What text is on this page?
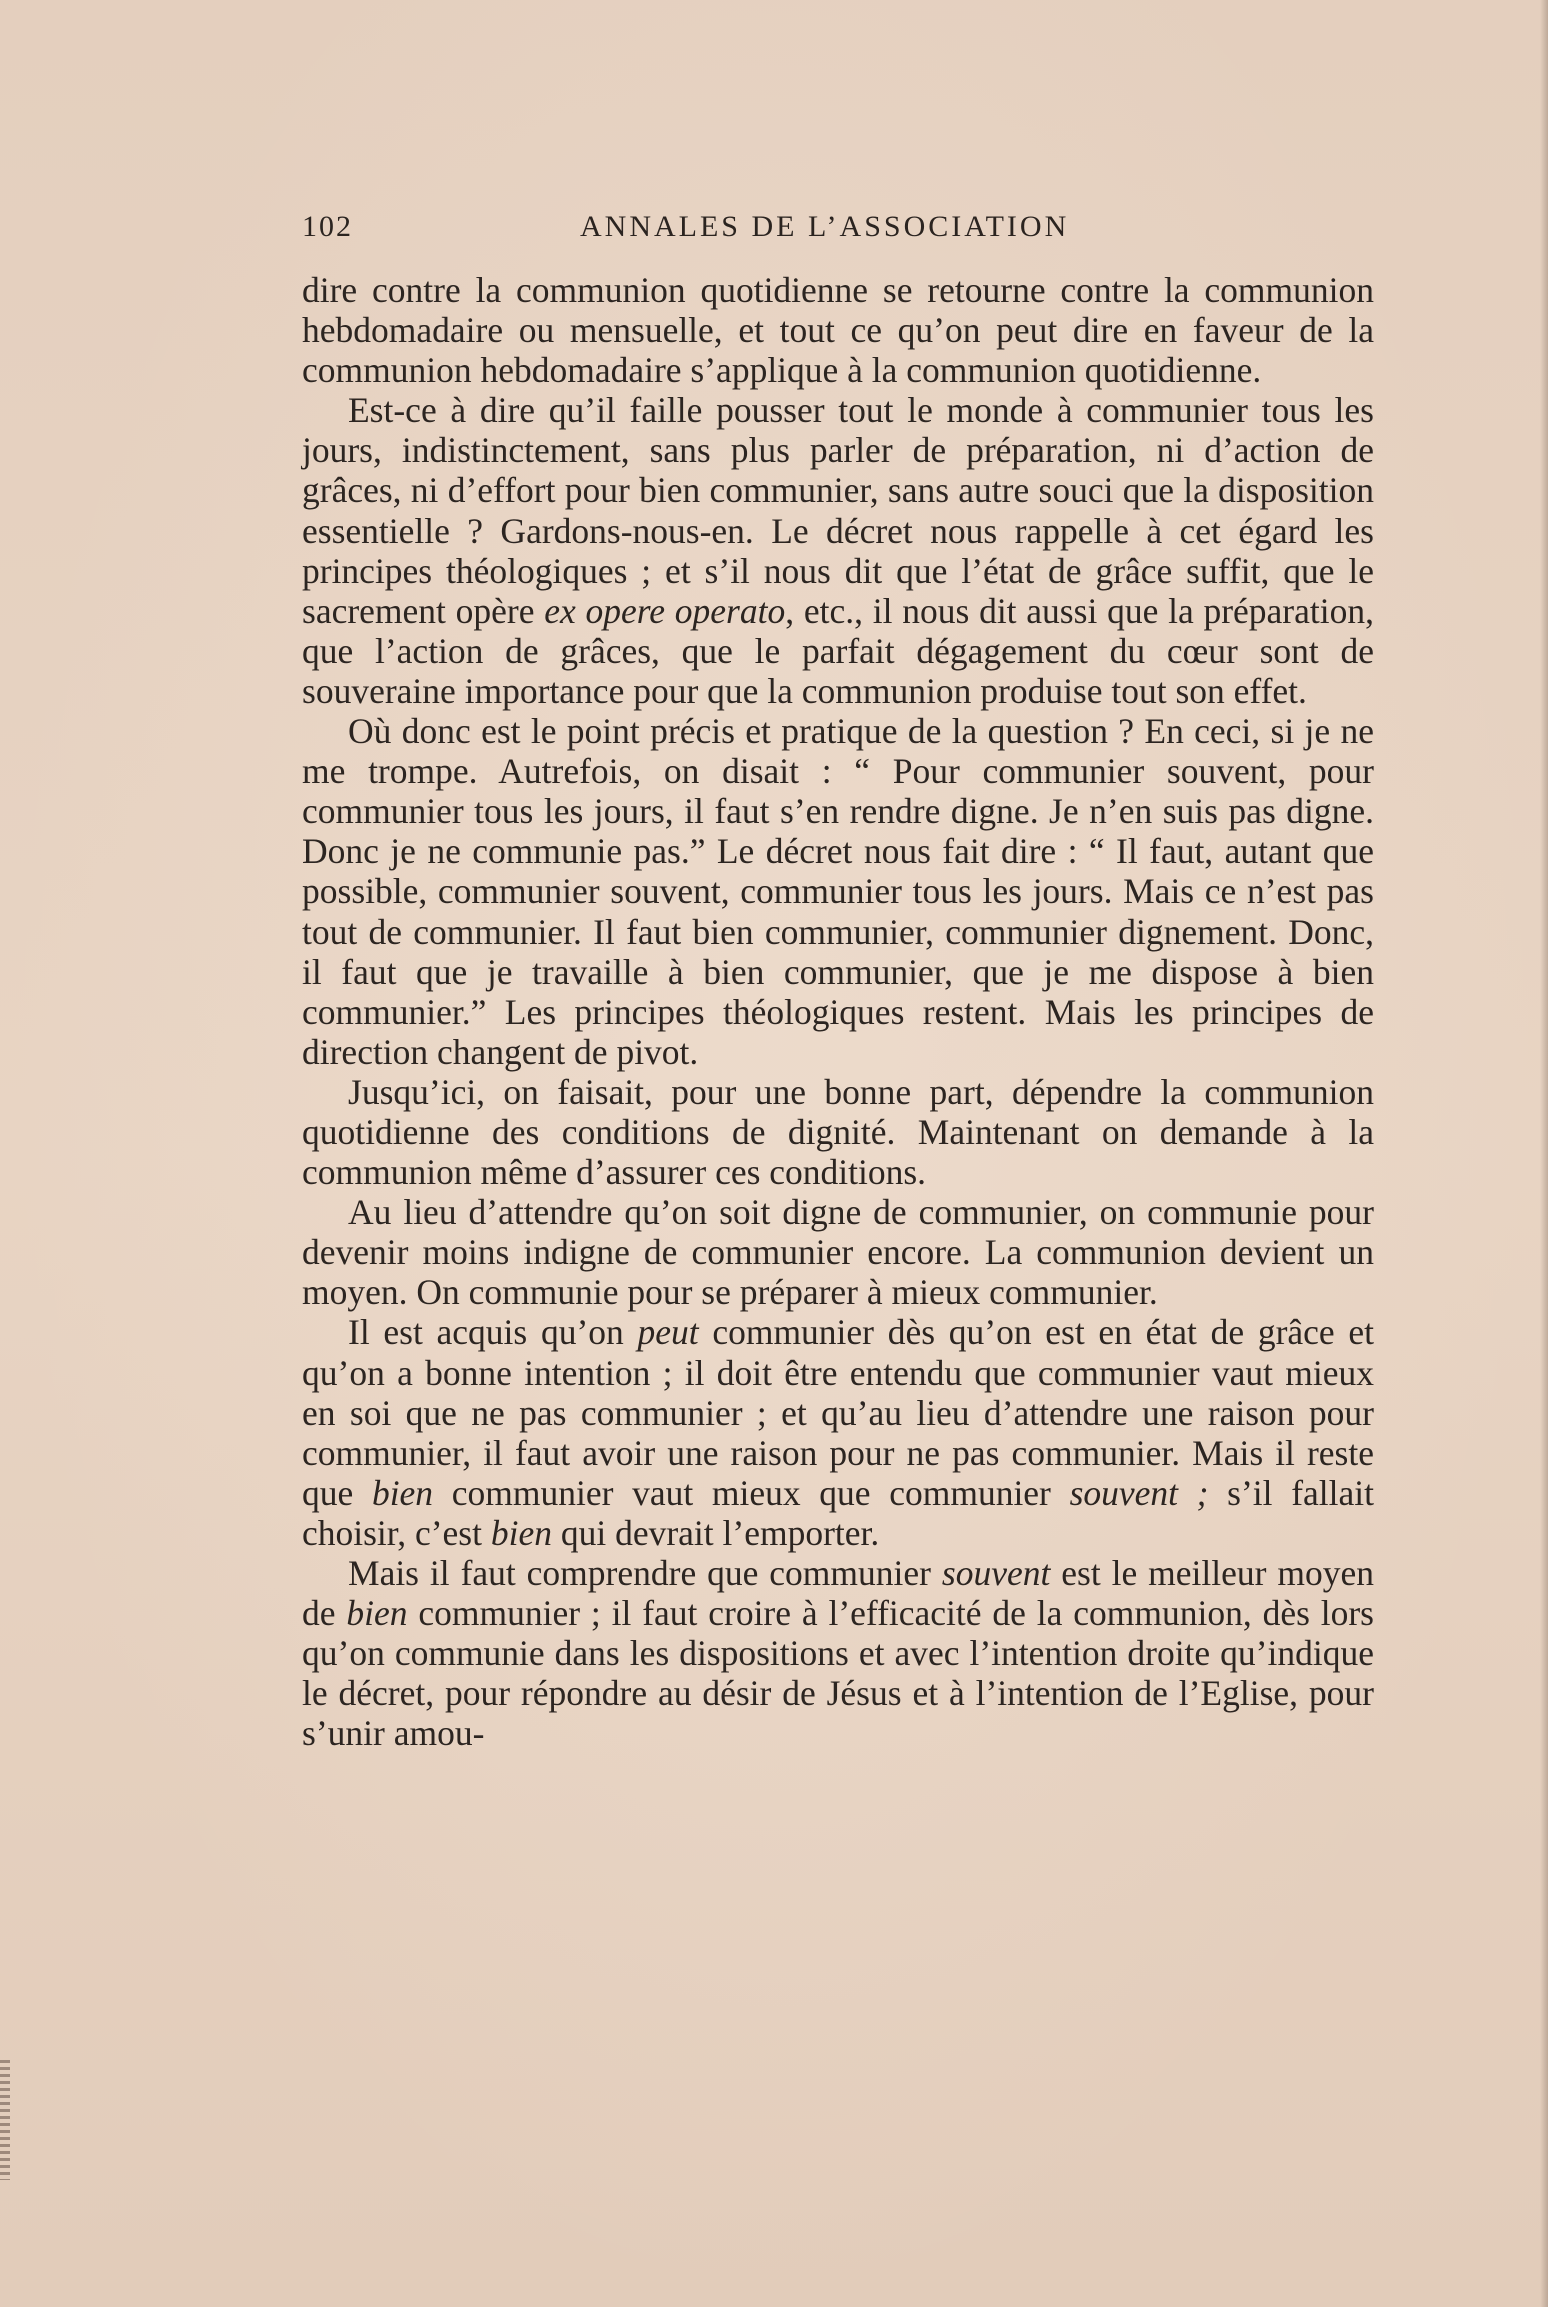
102	ANNALES DE L’ASSOCIATION

dire contre la communion quotidienne se retourne contre la communion hebdomadaire ou mensuelle, et tout ce qu’on peut dire en faveur de la communion hebdomadaire s’applique à la communion quotidienne.

Est-ce à dire qu’il faille pousser tout le monde à communier tous les jours, indistinctement, sans plus parler de préparation, ni d’action de grâces, ni d’effort pour bien communier, sans autre souci que la disposition essentielle ? Gardons-nous-en. Le décret nous rappelle à cet égard les principes théologiques ; et s’il nous dit que l’état de grâce suffit, que le sacrement opère ex opere operato, etc., il nous dit aussi que la préparation, que l’action de grâces, que le parfait dégagement du cœur sont de souveraine importance pour que la communion produise tout son effet.

Où donc est le point précis et pratique de la question ? En ceci, si je ne me trompe. Autrefois, on disait : “ Pour communier souvent, pour communier tous les jours, il faut s’en rendre digne. Je n’en suis pas digne. Donc je ne communie pas.” Le décret nous fait dire : “ Il faut, autant que possible, communier souvent, communier tous les jours. Mais ce n’est pas tout de communier. Il faut bien communier, communier dignement. Donc, il faut que je travaille à bien communier, que je me dispose à bien communier.” Les principes théologiques restent. Mais les principes de direction changent de pivot.

Jusqu’ici, on faisait, pour une bonne part, dépendre la communion quotidienne des conditions de dignité. Maintenant on demande à la communion même d’assurer ces conditions.

Au lieu d’attendre qu’on soit digne de communier, on communie pour devenir moins indigne de communier encore. La communion devient un moyen. On communie pour se préparer à mieux communier.

Il est acquis qu’on peut communier dès qu’on est en état de grâce et qu’on a bonne intention ; il doit être entendu que communier vaut mieux en soi que ne pas communier ; et qu’au lieu d’attendre une raison pour communier, il faut avoir une raison pour ne pas communier. Mais il reste que bien communier vaut mieux que communier souvent ; s’il fallait choisir, c’est bien qui devrait l’emporter.

Mais il faut comprendre que communier souvent est le meilleur moyen de bien communier ; il faut croire à l’efficacité de la communion, dès lors qu’on communie dans les dispositions et avec l’intention droite qu’indique le décret, pour répondre au désir de Jésus et à l’intention de l’Eglise, pour s’unir amou-
